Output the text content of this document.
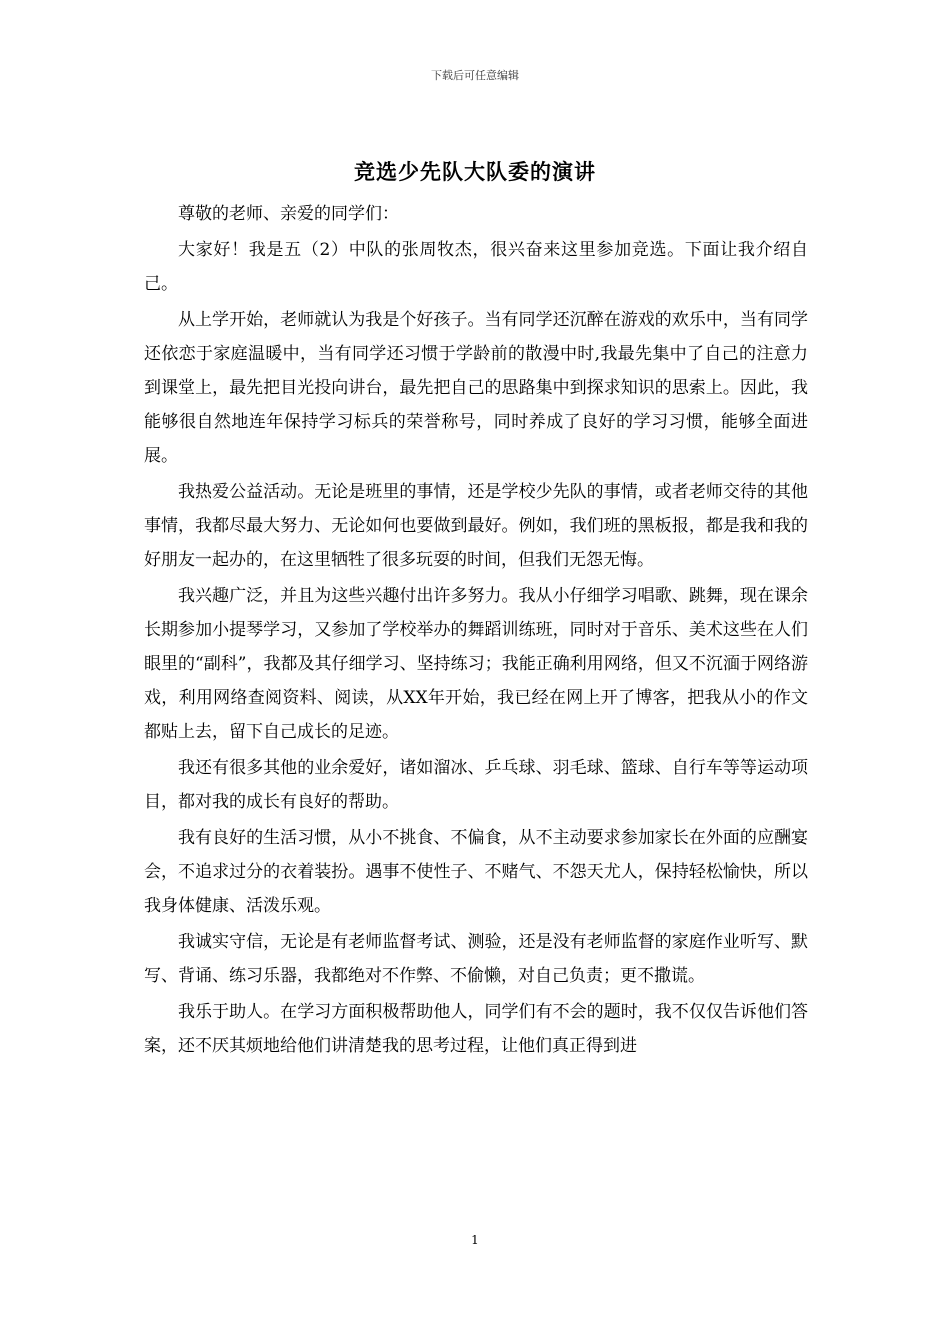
下载后可任意编辑
竞选少先队大队委的演讲

尊敬的老师、亲爱的同学们：

大家好！我是五（2）中队的张周牧杰，很兴奋来这里参加竞选。下面让我介绍自己。

从上学开始，老师就认为我是个好孩子。当有同学还沉醉在游戏的欢乐中，当有同学还依恋于家庭温暖中，当有同学还习惯于学龄前的散漫中时,我最先集中了自己的注意力到课堂上，最先把目光投向讲台，最先把自己的思路集中到探求知识的思索上。因此，我能够很自然地连年保持学习标兵的荣誉称号，同时养成了良好的学习习惯，能够全面进展。

我热爱公益活动。无论是班里的事情，还是学校少先队的事情，或者老师交待的其他事情，我都尽最大努力、无论如何也要做到最好。例如，我们班的黑板报，都是我和我的好朋友一起办的，在这里牺牲了很多玩耍的时间，但我们无怨无悔。

我兴趣广泛，并且为这些兴趣付出许多努力。我从小仔细学习唱歌、跳舞，现在课余长期参加小提琴学习，又参加了学校举办的舞蹈训练班，同时对于音乐、美术这些在人们眼里的“副科”，我都及其仔细学习、坚持练习；我能正确利用网络，但又不沉湎于网络游戏，利用网络查阅资料、阅读，从XX年开始，我已经在网上开了博客，把我从小的作文都贴上去，留下自己成长的足迹。

我还有很多其他的业余爱好，诸如溜冰、乒乓球、羽毛球、篮球、自行车等等运动项目，都对我的成长有良好的帮助。

我有良好的生活习惯，从小不挑食、不偏食，从不主动要求参加家长在外面的应酬宴会，不追求过分的衣着装扮。遇事不使性子、不赌气、不怨天尤人，保持轻松愉快，所以我身体健康、活泼乐观。

我诚实守信，无论是有老师监督考试、测验，还是没有老师监督的家庭作业听写、默写、背诵、练习乐器，我都绝对不作弊、不偷懒，对自己负责；更不撒谎。

我乐于助人。在学习方面积极帮助他人，同学们有不会的题时，我不仅仅告诉他们答案，还不厌其烦地给他们讲清楚我的思考过程，让他们真正得到进

1
